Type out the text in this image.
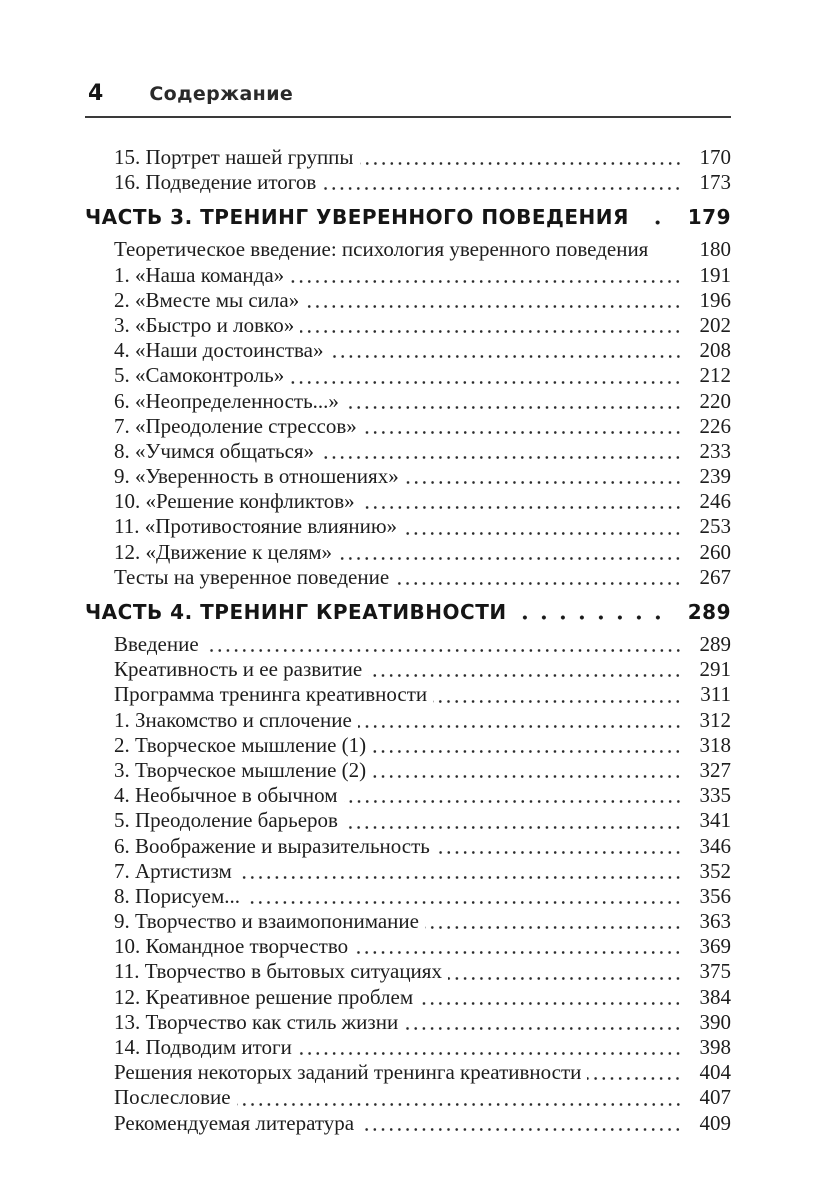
4 Содержание
15. Портрет нашей группы	170
16. Подведение итогов	173
ЧАСТЬ 3. ТРЕНИНГ УВЕРЕННОГО ПОВЕДЕНИЯ	179
Теоретическое введение: психология уверенного поведения	180
1. «Наша команда»	191
2. «Вместе мы сила»	196
3. «Быстро и ловко»	202
4. «Наши достоинства»	208
5. «Самоконтроль»	212
6. «Неопределенность...»	220
7. «Преодоление стрессов»	226
8. «Учимся общаться»	233
9. «Уверенность в отношениях»	239
10. «Решение конфликтов»	246
11. «Противостояние влиянию»	253
12. «Движение к целям»	260
Тесты на уверенное поведение	267
ЧАСТЬ 4. ТРЕНИНГ КРЕАТИВНОСТИ	289
Введение	289
Креативность и ее развитие	291
Программа тренинга креативности	311
1. Знакомство и сплочение	312
2. Творческое мышление (1)	318
3. Творческое мышление (2)	327
4. Необычное в обычном	335
5. Преодоление барьеров	341
6. Воображение и выразительность	346
7. Артистизм	352
8. Порисуем...	356
9. Творчество и взаимопонимание	363
10. Командное творчество	369
11. Творчество в бытовых ситуациях	375
12. Креативное решение проблем	384
13. Творчество как стиль жизни	390
14. Подводим итоги	398
Решения некоторых заданий тренинга креативности	404
Послесловие	407
Рекомендуемая литература	409
